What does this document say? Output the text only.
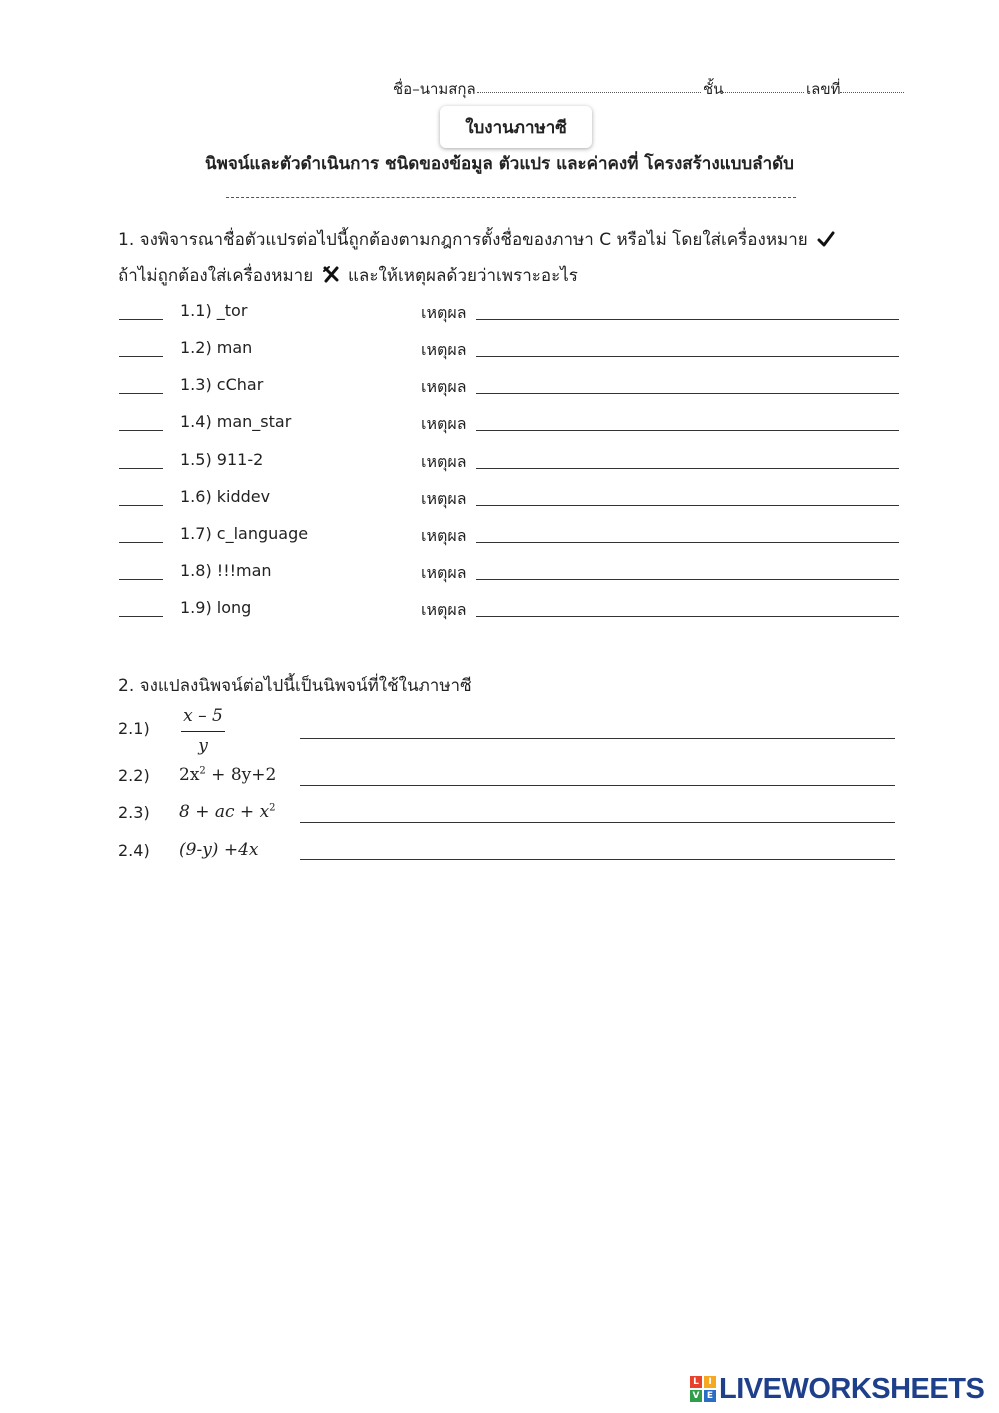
ชื่อ–นามสกุล	ชั้น	เลขที่
ใบงานภาษาซี
นิพจน์และตัวดำเนินการ ชนิดของข้อมูล ตัวแปร และค่าคงที่ โครงสร้างแบบลำดับ
1. จงพิจารณาชื่อตัวแปรต่อไปนี้ถูกต้องตามกฎการตั้งชื่อของภาษา C หรือไม่ โดยใส่เครื่องหมาย
ถ้าไม่ถูกต้องใส่เครื่องหมาย และให้เหตุผลด้วยว่าเพราะอะไร
1.1) _tor	เหตุผล
1.2) man	เหตุผล
1.3) cChar	เหตุผล
1.4) man_star	เหตุผล
1.5) 911-2	เหตุผล
1.6) kiddev	เหตุผล
1.7) c_language	เหตุผล
1.8) !!!man	เหตุผล
1.9) long	เหตุผล
2. จงแปลงนิพจน์ต่อไปนี้เป็นนิพจน์ที่ใช้ในภาษาซี
2.1)
x – 5
y
2.2) $2x^2 + 8y+2$
2.3) 8 + ac + $x^2$
2.4) (9-y) +4x
L	I
V E LIVEWORKSHEETS
